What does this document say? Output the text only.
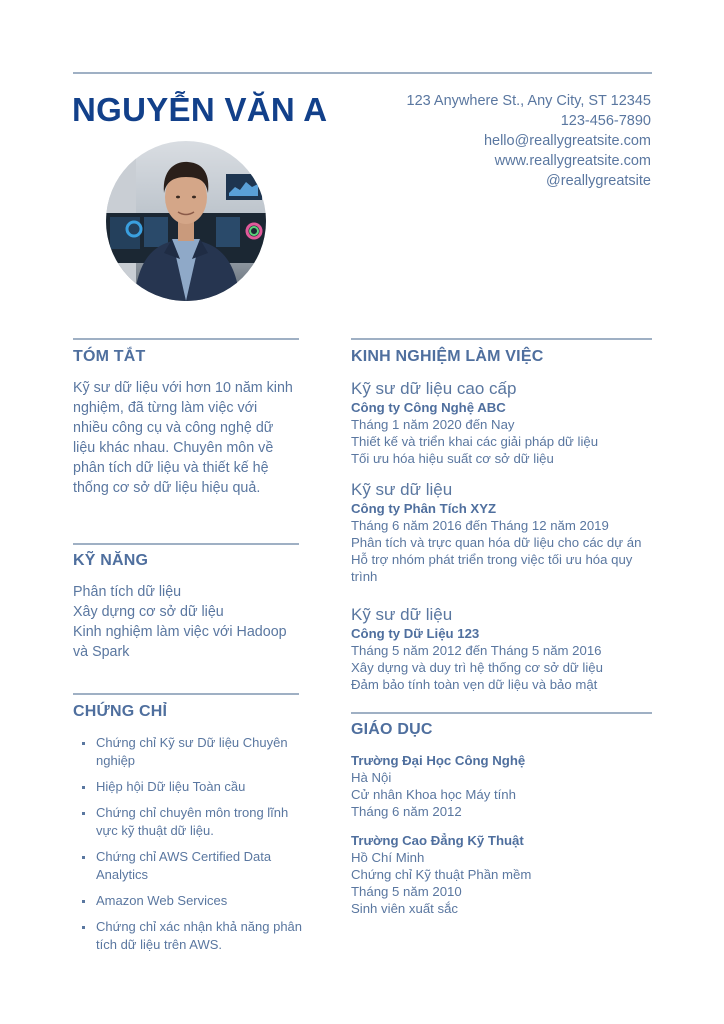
NGUYỄN VĂN A	123 Anywhere St., Any City, ST 12345
123-456-7890
hello@reallygreatsite.com
www.reallygreatsite.com
@reallygreatsite
TÓM TẮT
Kỹ sư dữ liệu với hơn 10 năm kinh
nghiệm, đã từng làm việc với
nhiều công cụ và công nghệ dữ
liệu khác nhau. Chuyên môn về
phân tích dữ liệu và thiết kế hệ
thống cơ sở dữ liệu hiệu quả.
KỸ NĂNG
Phân tích dữ liệu
Xây dựng cơ sở dữ liệu
Kinh nghiệm làm việc với Hadoop
và Spark
CHỨNG CHỈ
Chứng chỉ Kỹ sư Dữ liệu Chuyên nghiệp
Hiệp hội Dữ liệu Toàn cầu
Chứng chỉ chuyên môn trong lĩnh vực kỹ thuật dữ liệu.
Chứng chỉ AWS Certified Data Analytics
Amazon Web Services
Chứng chỉ xác nhận khả năng phân tích dữ liệu trên AWS.
KINH NGHIỆM LÀM VIỆC
Kỹ sư dữ liệu cao cấp
Công ty Công Nghệ ABC
Tháng 1 năm 2020 đến Nay
Thiết kế và triển khai các giải pháp dữ liệu
Tối ưu hóa hiệu suất cơ sở dữ liệu
Kỹ sư dữ liệu
Công ty Phân Tích XYZ
Tháng 6 năm 2016 đến Tháng 12 năm 2019
Phân tích và trực quan hóa dữ liệu cho các dự án
Hỗ trợ nhóm phát triển trong việc tối ưu hóa quy trình
Kỹ sư dữ liệu
Công ty Dữ Liệu 123
Tháng 5 năm 2012 đến Tháng 5 năm 2016
Xây dựng và duy trì hệ thống cơ sở dữ liệu
Đảm bảo tính toàn vẹn dữ liệu và bảo mật
GIÁO DỤC
Trường Đại Học Công Nghệ
Hà Nội
Cử nhân Khoa học Máy tính
Tháng 6 năm 2012
Trường Cao Đẳng Kỹ Thuật
Hồ Chí Minh
Chứng chỉ Kỹ thuật Phần mềm
Tháng 5 năm 2010
Sinh viên xuất sắc
